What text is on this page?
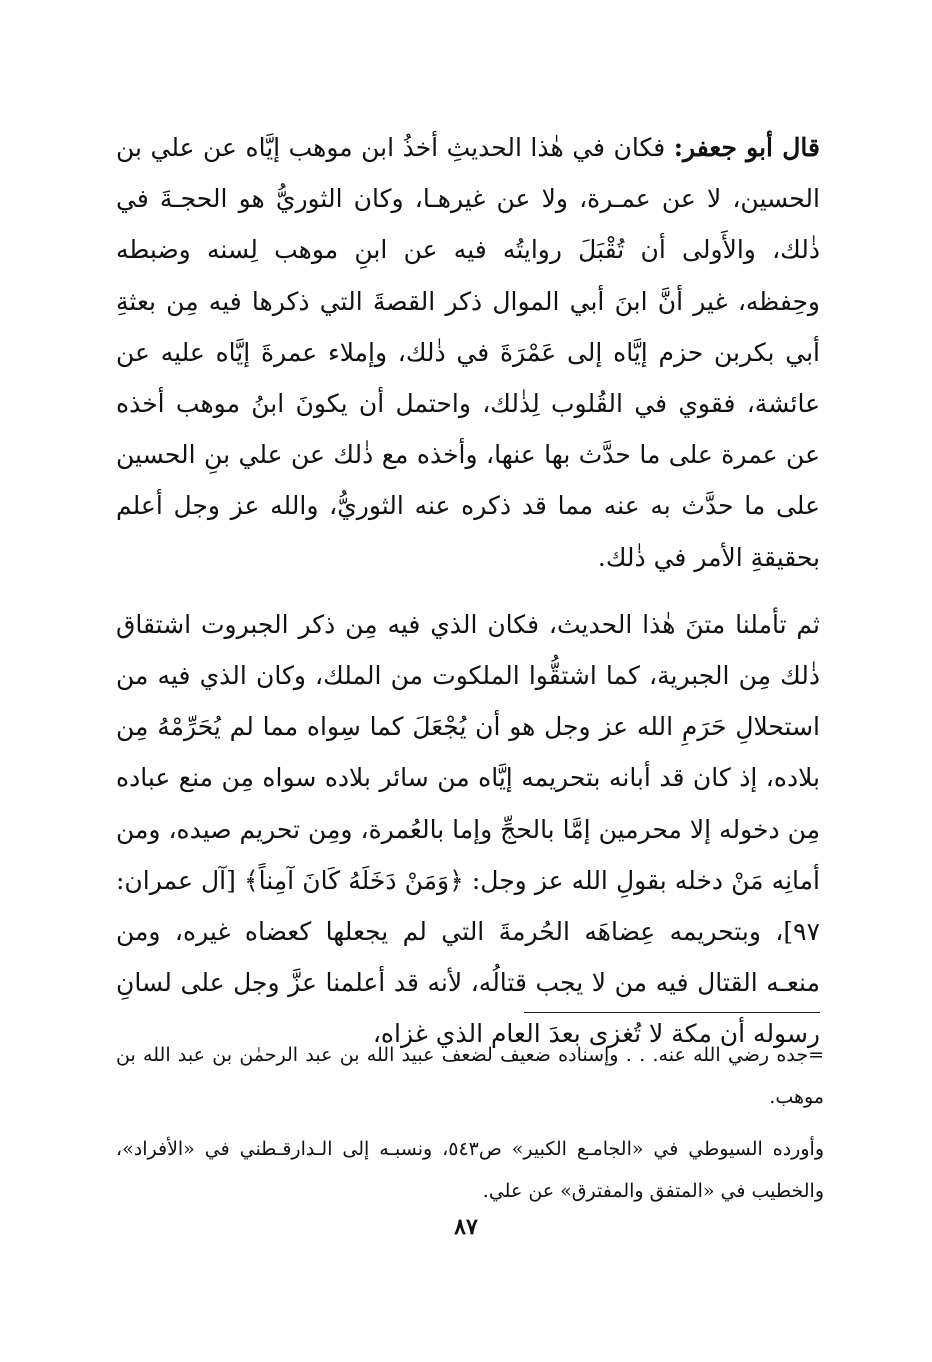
قال أبو جعفر: فكان في هٰذا الحديثِ أخذُ ابن موهب إيَّاه عن علي بن الحسين، لا عن عمـرة، ولا عن غيرهـا، وكان الثوريُّ هو الحجـةَ في ذٰلك، والأَولى أن تُقْبَلَ روايتُه فيه عن ابنِ موهب لِسنه وضبطه وحِفظه، غير أنَّ ابنَ أبي الموال ذكر القصةَ التي ذكرها فيه مِن بعثةِ أبي بكربن حزم إيَّاه إلى عَمْرَةَ في ذٰلك، وإملاء عمرةَ إيَّاه عليه عن عائشة، فقوي في القُلوب لِذٰلك، واحتمل أن يكونَ ابنُ موهب أخذه عن عمرة على ما حدَّث بها عنها، وأخذه مع ذٰلك عن علي بنِ الحسين على ما حدَّث به عنه مما قد ذكره عنه الثوريُّ، والله عز وجل أعلم بحقيقةِ الأمر في ذٰلك.

ثم تأملنا متنَ هٰذا الحديث، فكان الذي فيه مِن ذكر الجبروت اشتقاق ذٰلك مِن الجبرية، كما اشتقُّوا الملكوت من الملك، وكان الذي فيه من استحلالِ حَرَمِ الله عز وجل هو أن يُجْعَلَ كما سِواه مما لم يُحَرِّمْهُ مِن بلاده، إذ كان قد أبانه بتحريمه إيَّاه من سائر بلاده سواه مِن منع عباده مِن دخوله إلا محرمين إمَّا بالحجِّ وإما بالعُمرة، ومِن تحريم صيده، ومن أمانِه مَنْ دخله بقولِ الله عز وجل: ﴿وَمَنْ دَخَلَهُ كَانَ آمِناً﴾ [آل عمران: ٩٧]، وبتحريمه عِضاهَه الحُرمةَ التي لم يجعلها كعضاه غيره، ومن منعـه القتال فيه من لا يجب قتالُه، لأنه قد أعلمنا عزَّ وجل على لسانِ رسوله أن مكة لا تُغزى بعدَ العام الذي غزاه،

=جده رضي الله عنه. . . وإسناده ضعيف لضعف عبيد الله بن عبد الرحمٰن بن عبد الله بن موهب.

وأورده السيوطي في «الجامـع الكبير» ص٥٤٣، ونسبـه إلى الـدارقـطني في «الأفراد»، والخطيب في «المتفق والمفترق» عن علي.

٨٧
